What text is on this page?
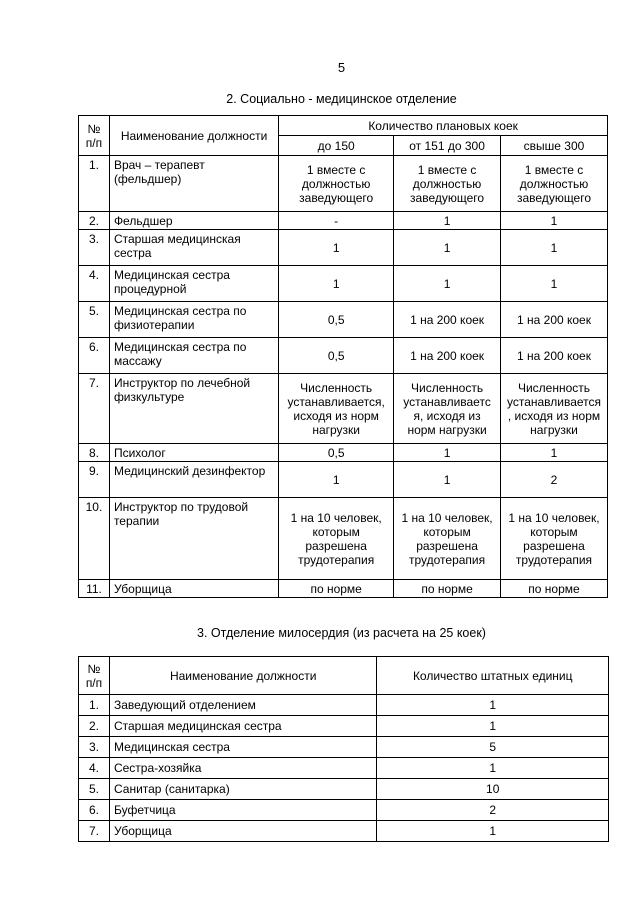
5
2. Социально - медицинское отделение
№ п/п	Наименование должности	Количество плановых коек		
		до 150	от 151 до 300	свыше 300
1.	Врач – терапевт (фельдшер)	1 вместе с должностью заведующего	1 вместе с должностью заведующего	1 вместе с должностью заведующего
2.	Фельдшер	-	1	1
3.	Старшая медицинская сестра	1	1	1
4.	Медицинская сестра процедурной	1	1	1
5.	Медицинская сестра по физиотерапии	0,5	1 на 200 коек	1 на 200 коек
6.	Медицинская сестра по массажу	0,5	1 на 200 коек	1 на 200 коек
7.	Инструктор по лечебной физкультуре	Численность устанавливается, исходя из норм нагрузки	Численность устанавливаетс я, исходя из норм нагрузки	Численность устанавливается , исходя из норм нагрузки
8.	Психолог	0,5	1	1
9.	Медицинский дезинфектор	1	1	2
10.	Инструктор по трудовой терапии	1 на 10 человек, которым разрешена трудотерапия	1 на 10 человек, которым разрешена трудотерапия	1 на 10 человек, которым разрешена трудотерапия
11.	Уборщица	по норме	по норме	по норме
3. Отделение милосердия (из расчета на 25 коек)
№ п/п	Наименование должности	Количество штатных единиц
1.	Заведующий отделением	1
2.	Старшая медицинская сестра	1
3.	Медицинская сестра	5
4.	Сестра-хозяйка	1
5.	Санитар (санитарка)	10
6.	Буфетчица	2
7.	Уборщица	1
